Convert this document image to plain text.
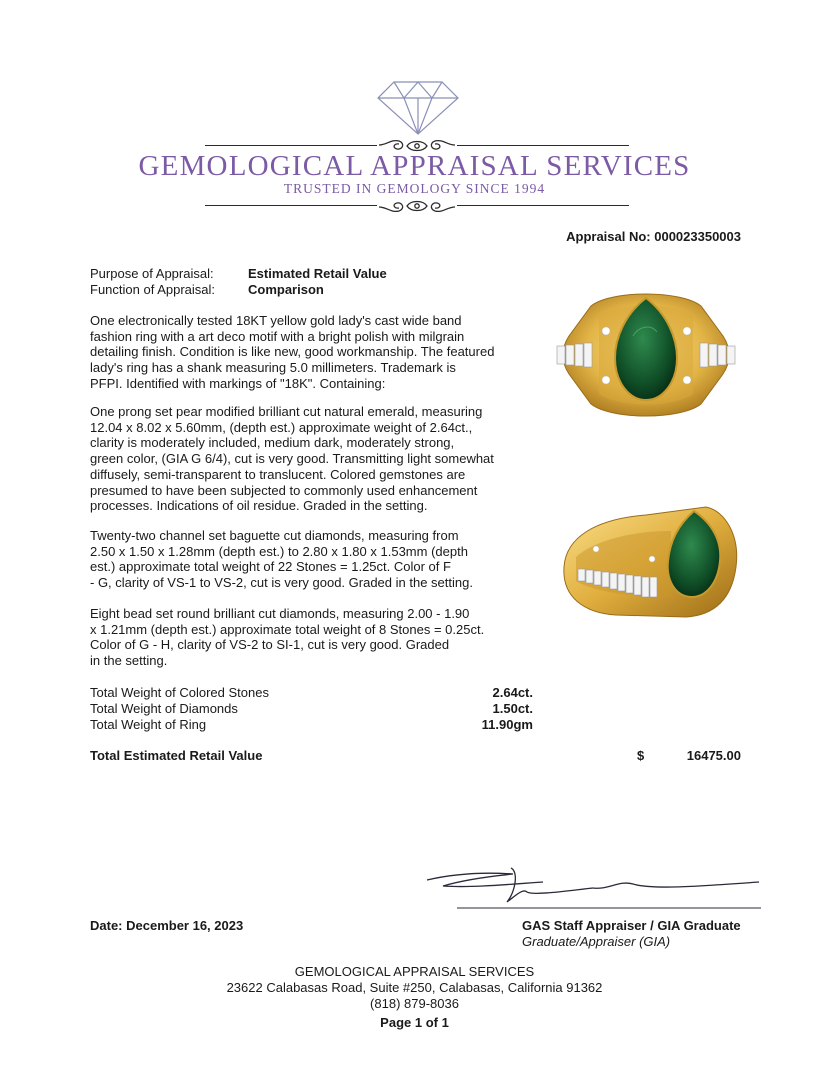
GEMOLOGICAL APPRAISAL SERVICES
TRUSTED IN GEMOLOGY SINCE 1994
Appraisal No: 000023350003
Purpose of Appraisal:	Estimated Retail Value
Function of Appraisal:	Comparison
One electronically tested 18KT yellow gold lady's cast wide band
fashion ring with a art deco motif with a bright polish with milgrain
detailing finish. Condition is like new, good workmanship. The featured
lady's ring has a shank measuring 5.0 millimeters. Trademark is
PFPI. Identified with markings of "18K". Containing:
One prong set pear modified brilliant cut natural emerald, measuring
12.04 x 8.02 x 5.60mm, (depth est.) approximate weight of 2.64ct.,
clarity is moderately included, medium dark, moderately strong,
green color, (GIA G 6/4), cut is very good. Transmitting light somewhat
diffusely, semi-transparent to translucent. Colored gemstones are
presumed to have been subjected to commonly used enhancement
processes. Indications of oil residue. Graded in the setting.
Twenty-two channel set baguette cut diamonds, measuring from
2.50 x 1.50 x 1.28mm (depth est.) to 2.80 x 1.80 x 1.53mm (depth
est.) approximate total weight of 22 Stones = 1.25ct. Color of F
- G, clarity of VS-1 to VS-2, cut is very good. Graded in the setting.
Eight bead set round brilliant cut diamonds, measuring 2.00 - 1.90
x 1.21mm (depth est.) approximate total weight of 8 Stones = 0.25ct.
Color of G - H, clarity of VS-2 to SI-1, cut is very good. Graded
in the setting.
Total Weight of Colored Stones	2.64ct.
Total Weight of Diamonds	1.50ct.
Total Weight of Ring	11.90gm
Total Estimated Retail Value	$	16475.00
Date: December 16, 2023	GAS Staff Appraiser / GIA Graduate
Graduate/Appraiser (GIA)
GEMOLOGICAL APPRAISAL SERVICES
23622 Calabasas Road, Suite #250, Calabasas, California 91362
(818) 879-8036
Page 1 of 1
